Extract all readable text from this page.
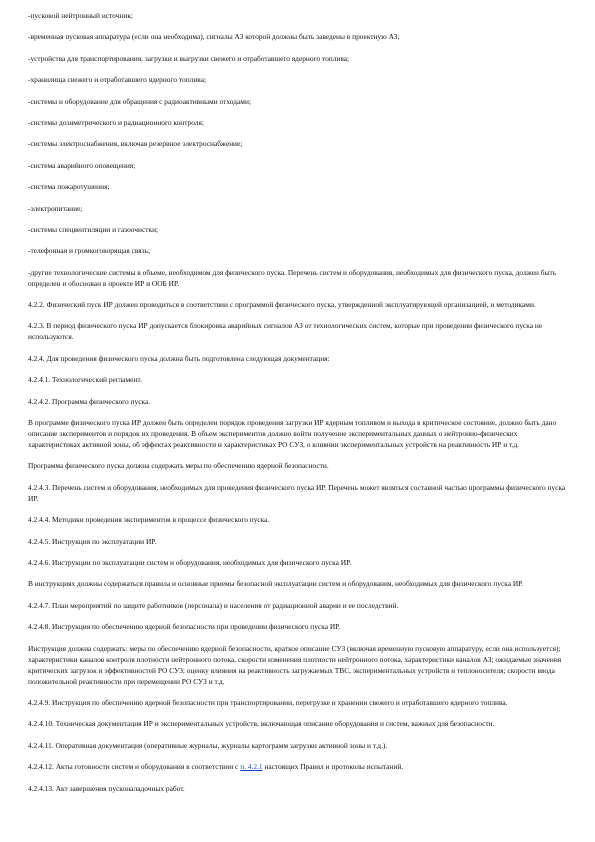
-пусковой нейтронный источник;

-временная пусковая аппаратура (если она необходима), сигналы АЗ которой должны быть заведены в проектную АЗ;

-устройства для транспортирования, загрузки и выгрузки свежего и отработавшего ядерного топлива;

-хранилища свежего и отработавшего ядерного топлива;

-системы и оборудование для обращения с радиоактивными отходами;

-системы дозиметрического и радиационного контроля;

-системы электроснабжения, включая резервное электроснабжение;

-система аварийного оповещения;

-система пожаротушения;

-электропитание;

-системы спецвентиляции и газоочистки;

-телефонная и громкоговорящая связь;

-другие технологические системы в объеме, необходимом для физического пуска. Перечень систем и оборудования, необходимых для физического пуска, должен быть определен и обоснован в проекте ИР и ООБ ИР.

4.2.2. Физический пуск ИР должен проводиться в соответствии с программой физического пуска, утвержденной эксплуатирующей организацией, и методиками.

4.2.3. В период физического пуска ИР допускается блокировка аварийных сигналов АЗ от технологических систем, которые при проведении физического пуска не используются.

4.2.4. Для проведения физического пуска должна быть подготовлена следующая документация:

4.2.4.1. Технологический регламент.

4.2.4.2. Программа физического пуска.

В программе физического пуска ИР должен быть определен порядок проведения загрузки ИР ядерным топливом и выхода в критическое состояние, должно быть дано описание экспериментов и порядок их проведения. В объем экспериментов должно войти получение экспериментальных данных о нейтронно-физических характеристиках активной зоны, об эффектах реактивности и характеристиках РО СУЗ, о влиянии экспериментальных устройств на реактивность ИР и т.д.

Программа физического пуска должна содержать меры по обеспечению ядерной безопасности.

4.2.4.3. Перечень систем и оборудования, необходимых для проведения физического пуска ИР. Перечень может являться составной частью программы физического пуска ИР.

4.2.4.4. Методики проведения экспериментов в процессе физического пуска.

4.2.4.5. Инструкция по эксплуатации ИР.

4.2.4.6. Инструкции по эксплуатации систем и оборудования, необходимых для физического пуска ИР.

В инструкциях должны содержаться правила и основные приемы безопасной эксплуатации систем и оборудования, необходимых для физического пуска ИР.

4.2.4.7. План мероприятий по защите работников (персонала) и населения от радиационной аварии и ее последствий.

4.2.4.8. Инструкция по обеспечению ядерной безопасности при проведении физического пуска ИР.

Инструкция должна содержать: меры по обеспечению ядерной безопасности, краткое описание СУЗ (включая временную пусковую аппаратуру, если она используется); характеристики каналов контроля плотности нейтронного потока, скорости изменения плотности нейтронного потока, характеристики каналов АЗ; ожидаемые значения критических загрузок и эффективностей РО СУЗ; оценку влияния на реактивность загружаемых ТВС, экспериментальных устройств и теплоносителя; скорости ввода положительной реактивности при перемещении РО СУЗ и т.д.

4.2.4.9. Инструкция по обеспечению ядерной безопасности при транспортировании, перегрузке и хранении свежего и отработавшего ядерного топлива.

4.2.4.10. Техническая документация ИР и экспериментальных устройств, включающая описание оборудования и систем, важных для безопасности.

4.2.4.11. Оперативная документация (оперативные журналы, журналы картограмм загрузки активной зоны и т.д.).

4.2.4.12. Акты готовности систем и оборудования в соответствии с п. 4.2.1 настоящих Правил и протоколы испытаний.

4.2.4.13. Акт завершения пусконаладочных работ.
